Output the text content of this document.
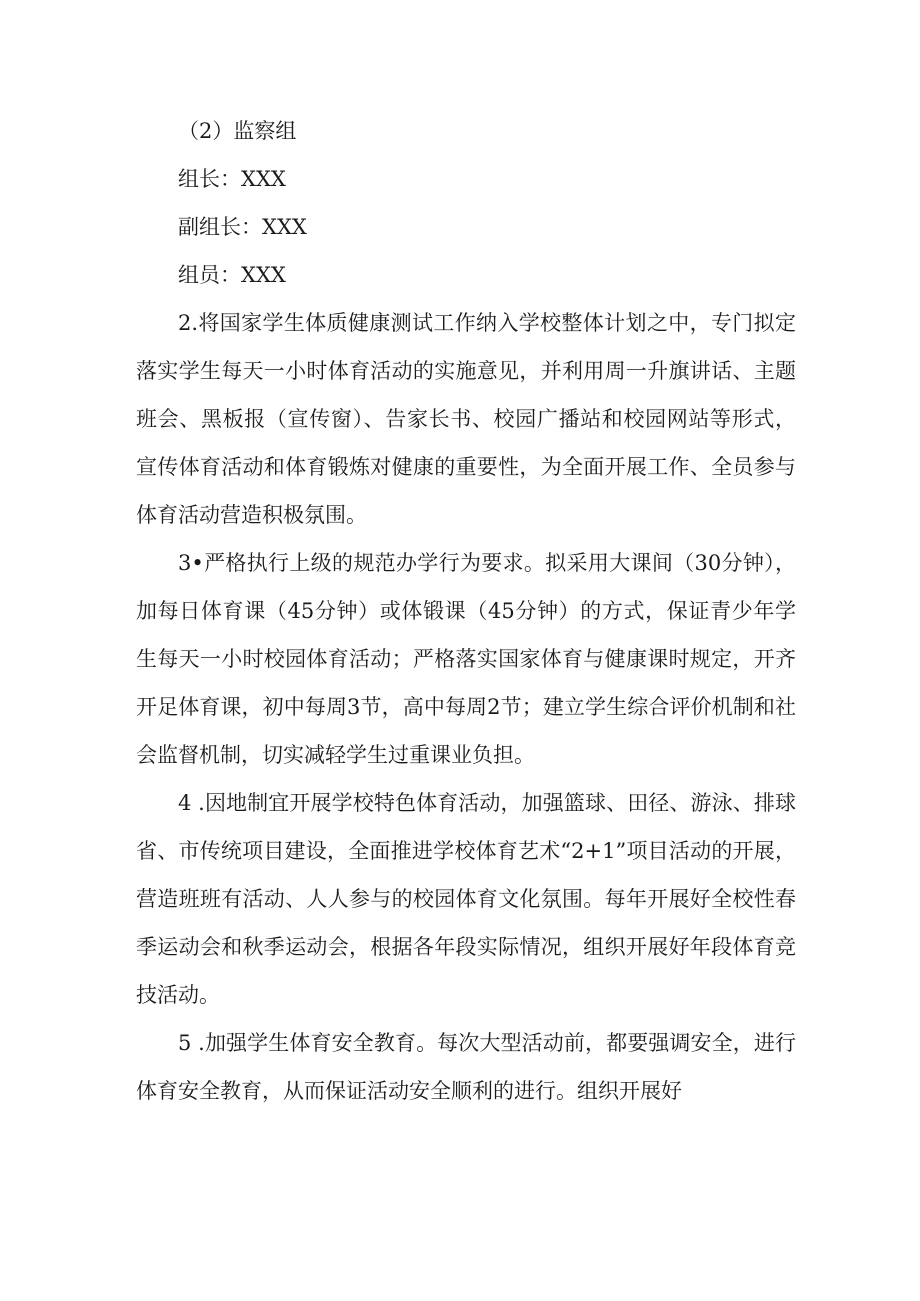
（2）监察组
组长：XXX
副组长：XXX
组员：XXX
2.将国家学生体质健康测试工作纳入学校整体计划之中，专门拟定落实学生每天一小时体育活动的实施意见，并利用周一升旗讲话、主题班会、黑板报（宣传窗）、告家长书、校园广播站和校园网站等形式，宣传体育活动和体育锻炼对健康的重要性，为全面开展工作、全员参与体育活动营造积极氛围。
3•严格执行上级的规范办学行为要求。拟采用大课间（30分钟），加每日体育课（45分钟）或体锻课（45分钟）的方式，保证青少年学生每天一小时校园体育活动；严格落实国家体育与健康课时规定，开齐开足体育课，初中每周3节，高中每周2节；建立学生综合评价机制和社会监督机制，切实减轻学生过重课业负担。
4 .因地制宜开展学校特色体育活动，加强篮球、田径、游泳、排球省、市传统项目建设，全面推进学校体育艺术“2+1”项目活动的开展，营造班班有活动、人人参与的校园体育文化氛围。每年开展好全校性春季运动会和秋季运动会，根据各年段实际情况，组织开展好年段体育竞技活动。
5 .加强学生体育安全教育。每次大型活动前，都要强调安全，进行体育安全教育，从而保证活动安全顺利的进行。组织开展好
